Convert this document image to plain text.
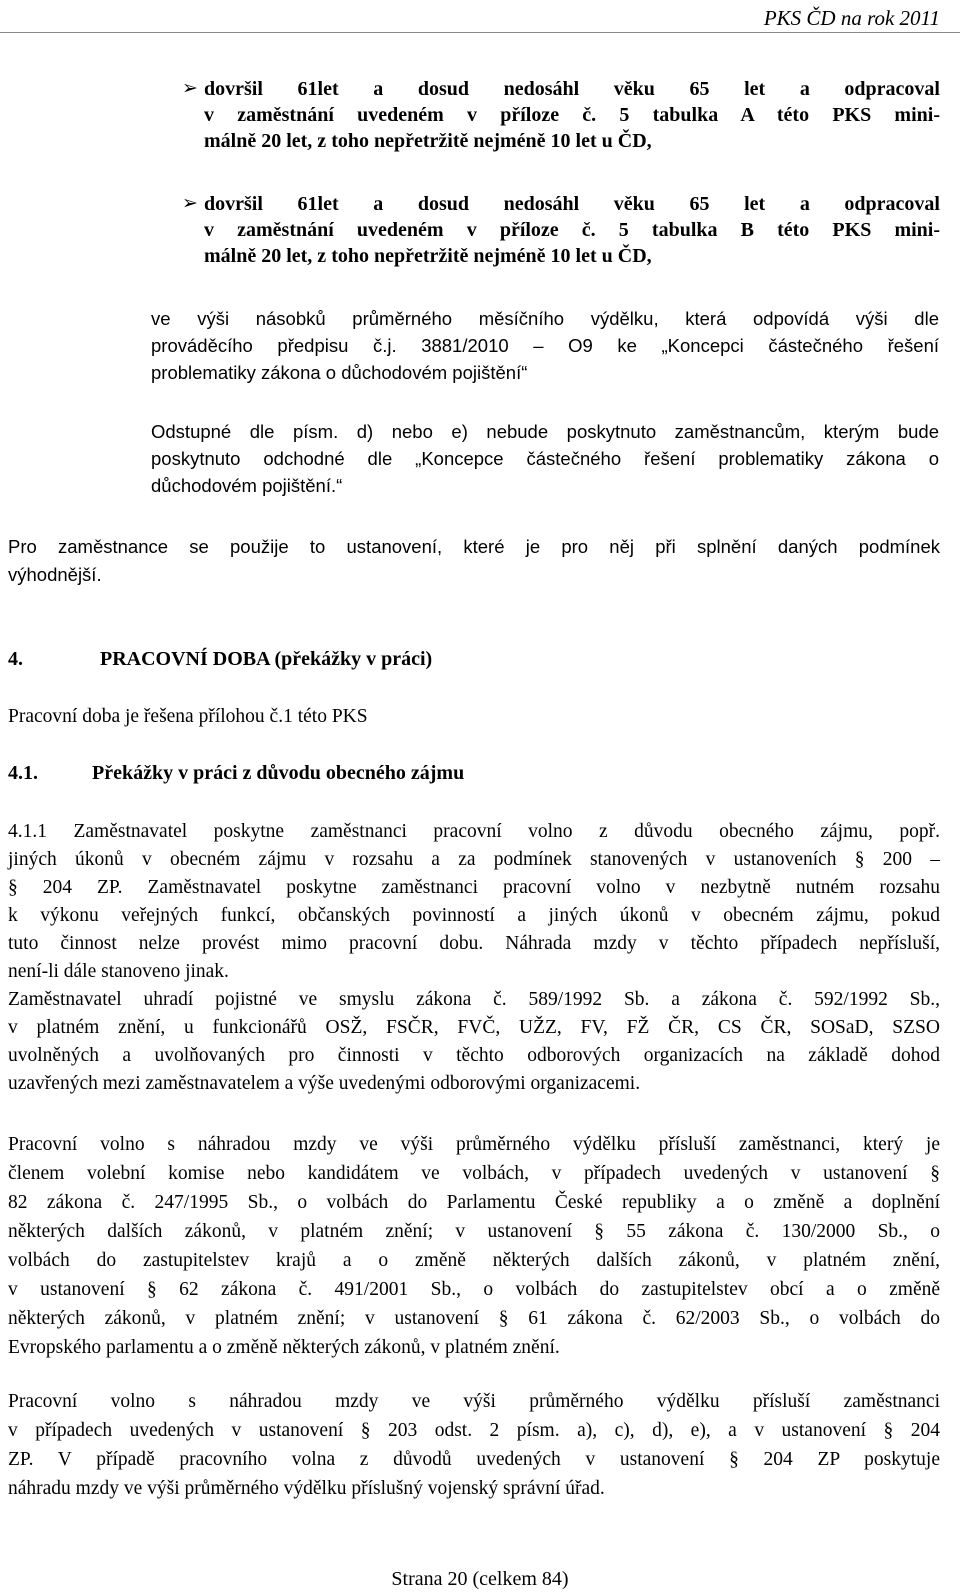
PKS ČD na rok 2011
➢ dovršil 61let a dosud nedosáhl věku 65 let a odpracoval
v zaměstnání uvedeném v příloze č. 5 tabulka A této PKS mini-
málně 20 let, z toho nepřetržitě nejméně 10 let u ČD,
➢ dovršil 61let a dosud nedosáhl věku 65 let a odpracoval
v zaměstnání uvedeném v příloze č. 5 tabulka B této PKS mini-
málně 20 let, z toho nepřetržitě nejméně 10 let u ČD,
ve výši násobků průměrného měsíčního výdělku, která odpovídá výši dle
prováděcího předpisu č.j. 3881/2010 – O9 ke „Koncepci částečného řešení
problematiky zákona o důchodovém pojištění“
Odstupné dle písm. d) nebo e) nebude poskytnuto zaměstnancům, kterým bude
poskytnuto odchodné dle „Koncepce částečného řešení problematiky zákona o
důchodovém pojištění.“
Pro zaměstnance se použije to ustanovení, které je pro něj při splnění daných podmínek
výhodnější.
4.	PRACOVNÍ DOBA (překážky v práci)
Pracovní doba je řešena přílohou č.1 této PKS
4.1.	Překážky v práci z důvodu obecného zájmu
4.1.1 Zaměstnavatel poskytne zaměstnanci pracovní volno z důvodu obecného zájmu, popř.
jiných úkonů v obecném zájmu v rozsahu a za podmínek stanovených v ustanoveních § 200 –
§ 204 ZP. Zaměstnavatel poskytne zaměstnanci pracovní volno v nezbytně nutném rozsahu
k výkonu veřejných funkcí, občanských povinností a jiných úkonů v obecném zájmu, pokud
tuto činnost nelze provést mimo pracovní dobu. Náhrada mzdy v těchto případech nepřísluší,
není-li dále stanoveno jinak.
Zaměstnavatel uhradí pojistné ve smyslu zákona č. 589/1992 Sb. a zákona č. 592/1992 Sb.,
v platném znění, u funkcionářů OSŽ, FSČR, FVČ, UŽZ, FV, FŽ ČR, CS ČR, SOSaD, SZSO
uvolněných a uvolňovaných pro činnosti v těchto odborových organizacích na základě dohod
uzavřených mezi zaměstnavatelem a výše uvedenými odborovými organizacemi.
Pracovní volno s náhradou mzdy ve výši průměrného výdělku přísluší zaměstnanci, který je
členem volební komise nebo kandidátem ve volbách, v případech uvedených v ustanovení §
82 zákona č. 247/1995 Sb., o volbách do Parlamentu České republiky a o změně a doplnění
některých dalších zákonů, v platném znění; v ustanovení § 55 zákona č. 130/2000 Sb., o
volbách do zastupitelstev krajů a o změně některých dalších zákonů, v platném znění,
v ustanovení § 62 zákona č. 491/2001 Sb., o volbách do zastupitelstev obcí a o změně
některých zákonů, v platném znění; v ustanovení § 61 zákona č. 62/2003 Sb., o volbách do
Evropského parlamentu a o změně některých zákonů, v platném znění.
Pracovní volno s náhradou mzdy ve výši průměrného výdělku přísluší zaměstnanci
v případech uvedených v ustanovení § 203 odst. 2 písm. a), c), d), e), a v ustanovení § 204
ZP. V případě pracovního volna z důvodů uvedených v ustanovení § 204 ZP poskytuje
náhradu mzdy ve výši průměrného výdělku příslušný vojenský správní úřad.
Strana 20 (celkem 84)
